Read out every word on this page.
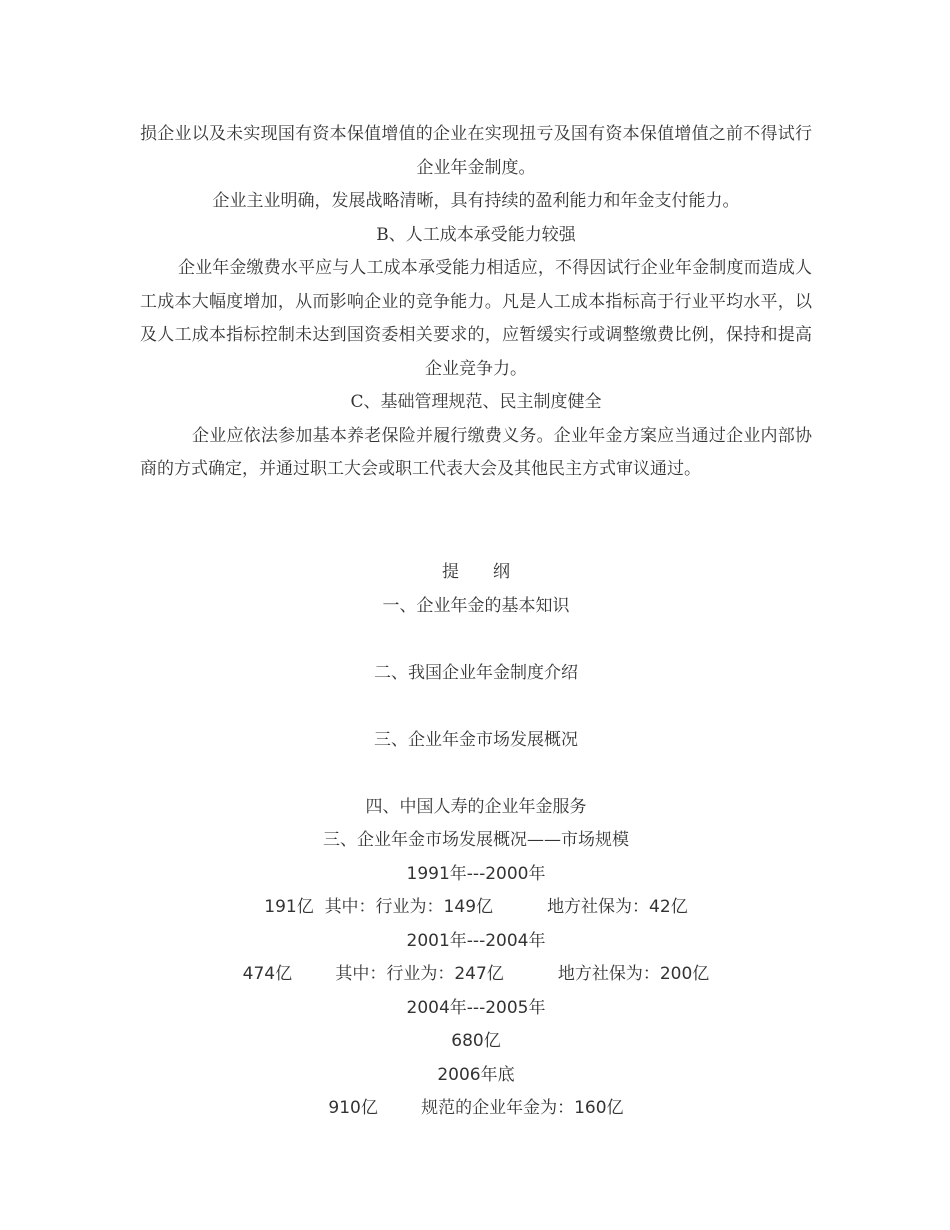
损企业以及未实现国有资本保值增值的企业在实现扭亏及国有资本保值增值之前不得试行企业年金制度。

企业主业明确，发展战略清晰，具有持续的盈利能力和年金支付能力。

B、人工成本承受能力较强

企业年金缴费水平应与人工成本承受能力相适应，不得因试行企业年金制度而造成人工成本大幅度增加，从而影响企业的竞争能力。凡是人工成本指标高于行业平均水平，以及人工成本指标控制未达到国资委相关要求的，应暂缓实行或调整缴费比例，保持和提高企业竞争力。

C、基础管理规范、民主制度健全

企业应依法参加基本养老保险并履行缴费义务。企业年金方案应当通过企业内部协商的方式确定，并通过职工大会或职工代表大会及其他民主方式审议通过。

提　　纲
一、企业年金的基本知识
二、我国企业年金制度介绍
三、企业年金市场发展概况
四、中国人寿的企业年金服务
三、企业年金市场发展概况——市场规模
1991年---2000年
191亿 其中：行业为：149亿	地方社保为：42亿
2001年---2004年
474亿	其中：行业为：247亿	地方社保为：200亿
2004年---2005年
680亿
2006年底
910亿	规范的企业年金为：160亿
